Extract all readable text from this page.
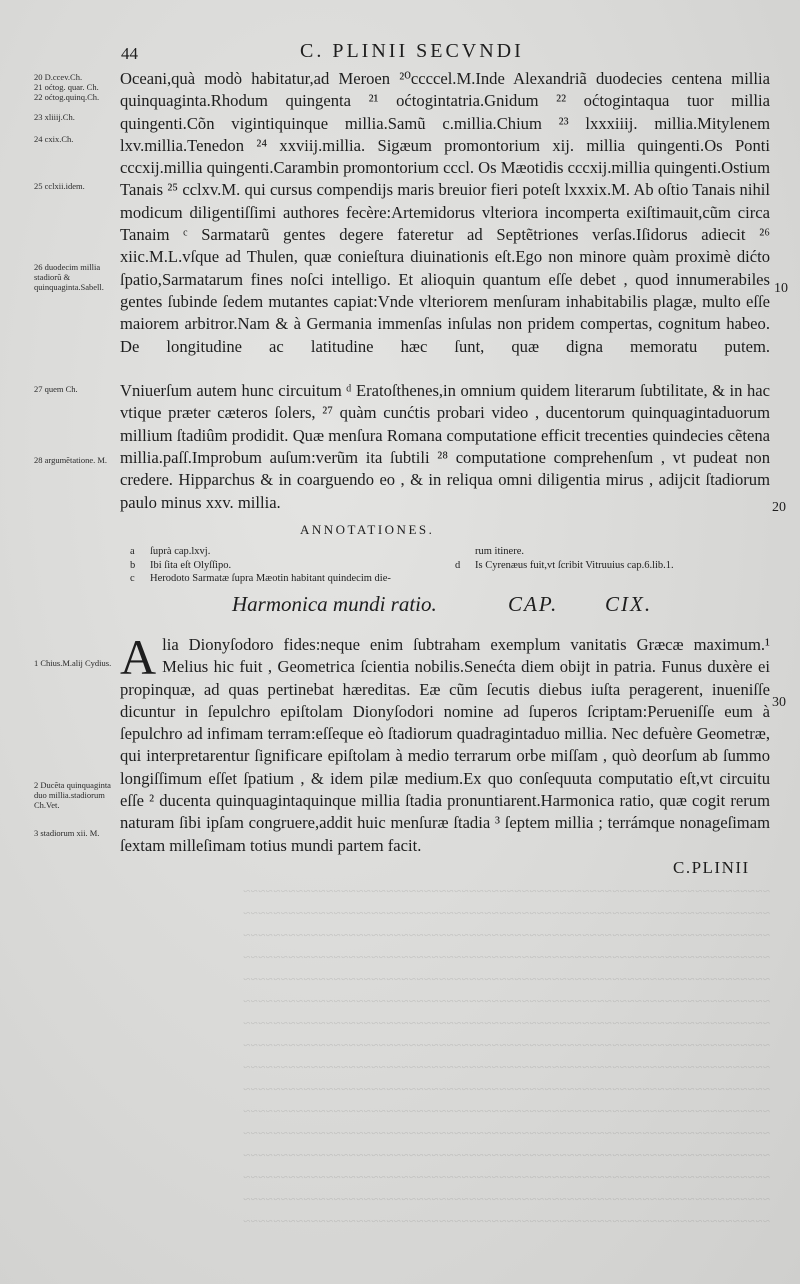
~~~~~~~~~~~~~~~~~~~~~~~~~~~~~~~~~~~~~~~~~~~~~~~~~~~~~~~~~~~~~~~~~~~~~~
~~~~~~~~~~~~~~~~~~~~~~~~~~~~~~~~~~~~~~~~~~~~~~~~~~~~~~~~~~~~~~~~~~~~~~
~~~~~~~~~~~~~~~~~~~~~~~~~~~~~~~~~~~~~~~~~~~~~~~~~~~~~~~~~~~~~~~~~~~~~~
~~~~~~~~~~~~~~~~~~~~~~~~~~~~~~~~~~~~~~~~~~~~~~~~~~~~~~~~~~~~~~~~~~~~~~
~~~~~~~~~~~~~~~~~~~~~~~~~~~~~~~~~~~~~~~~~~~~~~~~~~~~~~~~~~~~~~~~~~~~~~
~~~~~~~~~~~~~~~~~~~~~~~~~~~~~~~~~~~~~~~~~~~~~~~~~~~~~~~~~~~~~~~~~~~~~~
~~~~~~~~~~~~~~~~~~~~~~~~~~~~~~~~~~~~~~~~~~~~~~~~~~~~~~~~~~~~~~~~~~~~~~
~~~~~~~~~~~~~~~~~~~~~~~~~~~~~~~~~~~~~~~~~~~~~~~~~~~~~~~~~~~~~~~~~~~~~~
~~~~~~~~~~~~~~~~~~~~~~~~~~~~~~~~~~~~~~~~~~~~~~~~~~~~~~~~~~~~~~~~~~~~~~
~~~~~~~~~~~~~~~~~~~~~~~~~~~~~~~~~~~~~~~~~~~~~~~~~~~~~~~~~~~~~~~~~~~~~~
~~~~~~~~~~~~~~~~~~~~~~~~~~~~~~~~~~~~~~~~~~~~~~~~~~~~~~~~~~~~~~~~~~~~~~
~~~~~~~~~~~~~~~~~~~~~~~~~~~~~~~~~~~~~~~~~~~~~~~~~~~~~~~~~~~~~~~~~~~~~~
~~~~~~~~~~~~~~~~~~~~~~~~~~~~~~~~~~~~~~~~~~~~~~~~~~~~~~~~~~~~~~~~~~~~~~
~~~~~~~~~~~~~~~~~~~~~~~~~~~~~~~~~~~~~~~~~~~~~~~~~~~~~~~~~~~~~~~~~~~~~~
~~~~~~~~~~~~~~~~~~~~~~~~~~~~~~~~~~~~~~~~~~~~~~~~~~~~~~~~~~~~~~~~~~~~~~
~~~~~~~~~~~~~~~~~~~~~~~~~~~~~~~~~~~~~~~~~~~~~~~~~~~~~~~~~~~~~~~~~~~~~~
44	C. PLINII SECVNDI
20 D.ccev.Ch.
21 oćtog. quar. Ch.
22 oćtog.quinq.Ch.
23 xliiij.Ch.
24 cxix.Ch.
25 cclxii.idem.
26 duodecim millia stadiorũ & quinquaginta.Sabell.
27 quem Ch.
28 argumẽtatione. M.
1 Chius.M.alij Cydius.
2 Ducẽta quinquaginta duo millia.stadiorum Ch.Vet.
3 stadiorum xii. M.
10
20
30

Oceani,quà modò habitatur,ad Meroen ²⁰ccccel.M.Inde Alexandriã duodecies centena millia quinquaginta.Rhodum quingenta ²¹ oćtogintatria.Gnidum ²² oćtogintaqua tuor millia quingenti.Cõn vigintiquinque millia.Samũ c.millia.Chium ²³ lxxxiiij. millia.Mitylenem lxv.millia.Tenedon ²⁴ xxviij.millia. Sigæum promontorium xij. millia quingenti.Os Ponti cccxij.millia quingenti.Carambin promontorium cccl. Os Mæotidis cccxij.millia quingenti.Ostium Tanais ²⁵ cclxv.M. qui cursus compendijs maris breuior fieri poteſt lxxxix.M. Ab oſtio Tanais nihil modicum diligentiſſimi authores fecère:Artemidorus vlteriora incomperta exiſtimauit,cũm circa Tanaim ᶜ Sarmatarũ gentes degere fateretur ad Septẽtriones verſas.Iſidorus adiecit ²⁶ xiic.M.L.vſque ad Thulen, quæ conieſtura diuinationis eſt.Ego non minore quàm proximè dićto ſpatio,Sarmatarum fines noſci intelligo. Et alioquin quantum eſſe debet , quod innumerabiles gentes ſubinde ſedem mutantes capiat:Vnde vlteriorem menſuram inhabitabilis plagæ, multo eſſe maiorem arbitror.Nam & à Germania immenſas inſulas non pridem compertas, cognitum habeo. De longitudine ac latitudine hæc ſunt, quæ digna memoratu putem.

Vniuerſum autem hunc circuitum ᵈ Eratoſthenes,in omnium quidem literarum ſubtilitate, & in hac vtique præter cæteros ſolers, ²⁷ quàm cunćtis probari video , ducentorum quinquagintaduorum millium ſtadiûm prodidit. Quæ menſura Romana computatione efficit trecenties quindecies cẽtena millia.paſſ.Improbum auſum:verũm ita ſubtili ²⁸ computatione comprehenſum , vt pudeat non credere. Hipparchus & in coarguendo eo , & in reliqua omni diligentia mirus , adijcit ſtadiorum paulo minus xxv. millia.

ANNOTATIONES.
a	ſuprà cap.lxvj.
b	Ibi ſita eſt Olyſſipo.
c	Herodoto Sarmatæ ſupra Mæotin habitant quindecim die-
rum itinere.
d	Is Cyrenæus fuit,vt ſcribit Vitruuius cap.6.lib.1.
Harmonica mundi ratio.	CAP. CIX.
A lia Dionyſodoro fides:neque enim ſubtraham exemplum vanitatis Græcæ maximum.¹ Melius hic fuit , Geometrica ſcientia nobilis.Senećta diem obijt in patria. Funus duxère ei propinquæ, ad quas pertinebat hæreditas. Eæ cũm ſecutis diebus iuſta peragerent, inueniſſe dicuntur in ſepulchro epiſtolam Dionyſodori nomine ad ſuperos ſcriptam:Perueniſſe eum à ſepulchro ad infimam terram:eſſeque eò ſtadiorum quadragintaduo millia. Nec defuère Geometræ, qui interpretarentur ſignificare epiſtolam à medio terrarum orbe miſſam , quò deorſum ab ſummo longiſſimum eſſet ſpatium , & idem pilæ medium.Ex quo conſequuta computatio eſt,vt circuitu eſſe ² ducenta quinquagintaquinque millia ſtadia pronuntiarent.Harmonica ratio, quæ cogit rerum naturam ſibi ipſam congruere,addit huic menſuræ ſtadia ³ ſeptem millia ; terrámque nonageſimam ſextam milleſimam totius mundi partem facit.

C.PLINII
